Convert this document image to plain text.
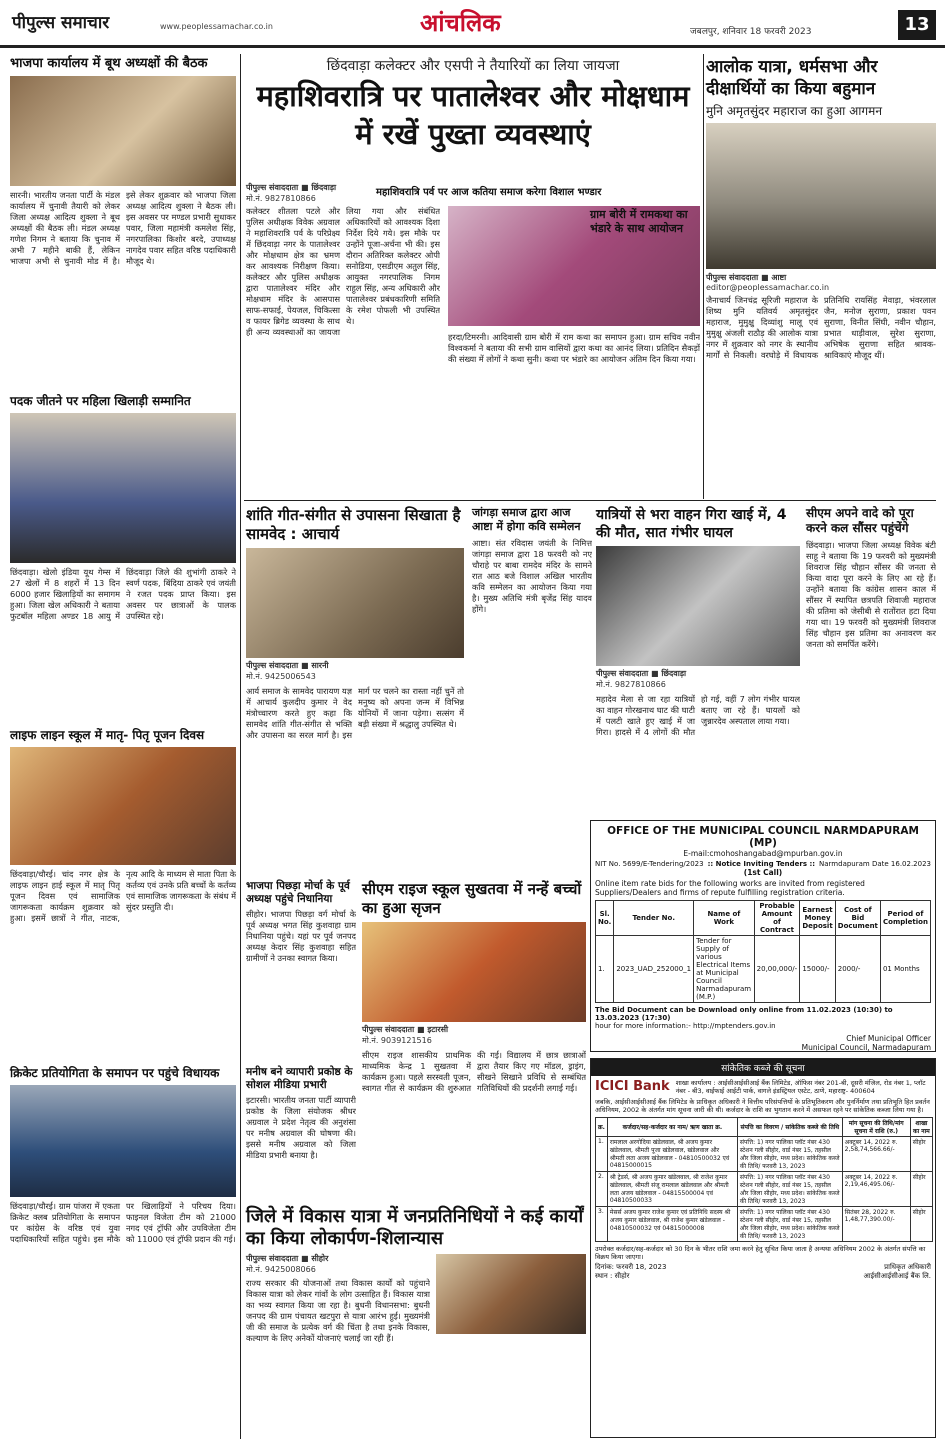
पीपुल्स समाचार	www.peoplessamachar.co.in	आंचलिक	जबलपुर, शनिवार 18 फरवरी 2023	13
भाजपा कार्यालय में बूथ अध्यक्षों की बैठक
सारनी। भारतीय जनता पार्टी के मंडल कार्यालय में चुनावी तैयारी को लेकर जिला अध्यक्ष आदित्य शुक्ला ने बूथ अध्यक्षों की बैठक ली। मंडल अध्यक्ष गणेश निगम ने बताया कि चुनाव में अभी 7 महीने बाकी हैं, लेकिन भाजपा अभी से चुनावी मोड में है। इसे लेकर शुक्रवार को भाजपा जिला अध्यक्ष आदित्य शुक्ला ने बैठक ली। इस अवसर पर मण्डल प्रभारी सुधाकर पवार, जिला महामंत्री कमलेश सिंह, नगरपालिका किशोर बरदे, उपाध्यक्ष नागदेव पवार सहित वरिष्ठ पदाधिकारी मौजूद थे।
पदक जीतने पर महिला खिलाड़ी सम्मानित
छिंदवाड़ा। खेलो इंडिया यूथ गेम्स में 27 खेलों में 8 शहरों में 13 दिन 6000 हजार खिलाड़ियों का समागम हुआ। जिला खेल अधिकारी ने बताया फुटबॉल महिला अण्डर 18 आयु में छिंदवाड़ा जिले की शुभांगी ठाकरे ने स्वर्ण पदक, बिंदिया ठाकरे एवं जयंती ने रजत पदक प्राप्त किया। इस अवसर पर छात्राओं के पालक उपस्थित रहे।
लाइफ लाइन स्कूल में मातृ- पितृ पूजन दिवस
छिंदवाड़ा/चौरई। चांद नगर क्षेत्र के लाइफ लाइन हाई स्कूल में मातृ पितृ पूजन दिवस एवं सामाजिक जागरूकता कार्यक्रम शुक्रवार को हुआ। इसमें छात्रों ने गीत, नाटक, नृत्य आदि के माध्यम से माता पिता के कर्तव्य एवं उनके प्रति बच्चों के कर्तव्य एवं सामाजिक जागरूकता के संबंध में सुंदर प्रस्तुति दी।
क्रिकेट प्रतियोगिता के समापन पर पहुंचे विधायक
छिंदवाड़ा/चौरई। ग्राम पांजरा में एकता क्रिकेट क्लब प्रतियोगिता के समापन पर कांग्रेस के वरिष्ठ एवं युवा पदाधिकारियों सहित पहुंचे। इस मौके पर खिलाड़ियों ने परिचय दिया। फाइनल विजेता टीम को 21000 नगद एवं ट्रॉफी और उपविजेता टीम को 11000 एवं ट्रॉफी प्रदान की गई।
छिंदवाड़ा कलेक्टर और एसपी ने तैयारियों का लिया जायजा
महाशिवरात्रि पर पातालेश्वर और मोक्षधाम में रखें पुख्ता व्यवस्थाएं
पीपुल्स संवाददाता ■ छिंदवाड़ा
मो.नं. 9827810866
महाशिवरात्रि पर्व पर आज कतिया समाज करेगा विशाल भण्डार
कलेक्टर शीतला पटले और पुलिस अधीक्षक विवेक अग्रवाल ने महाशिवरात्रि पर्व के परिप्रेक्ष्य में छिंदवाड़ा नगर के पातालेश्वर और मोक्षधाम क्षेत्र का भ्रमण कर आवश्यक निरीक्षण किया। कलेक्टर और पुलिस अधीक्षक द्वारा पातालेश्वर मंदिर और मोक्षधाम मंदिर के आसपास साफ-सफाई, पेयजल, चिकित्सा व फायर ब्रिगेड व्यवस्था के साथ ही अन्य व्यवस्थाओं का जायजा लिया गया और संबंधित अधिकारियों को आवश्यक दिशा निर्देश दिये गये। इस मौके पर उन्होंने पूजा-अर्चना भी की। इस दौरान अतिरिक्त कलेक्टर ओपी सनोडिया, एसडीएम अतुल सिंह, आयुक्त नगरपालिक निगम राहुल सिंह, अन्य अधिकारी और पातालेश्वर प्रबंधकारिणी समिति के रमेश पोफली भी उपस्थित थे।
हरदा/टिमरनी। आदिवासी ग्राम बोरी में राम कथा का समापन हुआ। ग्राम सचिव नवीन विश्वकर्मा ने बताया की सभी ग्राम वासियों द्वारा कथा का आनंद लिया। प्रतिदिन सैकड़ों की संख्या में लोगों ने कथा सुनी। कथा पर भंडारे का आयोजन अंतिम दिन किया गया।
ग्राम बोरी में रामकथा का भंडारे के साथ आयोजन
आलोक यात्रा, धर्मसभा और दीक्षार्थियों का किया बहुमान
मुनि अमृतसुंदर महाराज का हुआ आगमन
पीपुल्स संवाददाता ■ आष्टा
editor@peoplessamachar.co.in
जैनाचार्य जिनचंद्र सूरिजी महाराज के शिष्य मुनि यतिवर्य अमृतसुंदर महाराज, मुमुक्षु दिव्यांशु मालू एवं मुमुक्षु अंजली राठौड़ की आलोक यात्रा नगर में शुक्रवार को नगर के स्थानीय मार्गों से निकली। वरघोड़े में विधायक प्रतिनिधि रायसिंह मेवाड़ा, भंवरलाल जैन, मनोज सुराणा, प्रकाश पवन सुराणा, विनीत सिंघी, नवीन चौहान, प्रभात धाड़ीवाल, सुरेश सुराणा, अभिषेक सुराणा सहित श्रावक-श्राविकाएं मौजूद थीं।
शांति गीत-संगीत से उपासना सिखाता है सामवेद : आचार्य
पीपुल्स संवाददाता ■ सारनी
मो.नं. 9425006543
आर्य समाज के सामवेद पारायण यज्ञ में आचार्य कुलदीप कुमार ने वेद मंत्रोच्चारण करते हुए कहा कि सामवेद शांति गीत-संगीत से भक्ति और उपासना का सरल मार्ग है। इस मार्ग पर चलने का रास्ता नहीं चुनें तो मनुष्य को अपना जन्म में विभिन्न योनियों में जाना पड़ेगा। सत्संग में बड़ी संख्या में श्रद्धालु उपस्थित थे।
जांगड़ा समाज द्वारा आज आष्टा में होगा कवि सम्मेलन
आष्टा। संत रविदास जयंती के निमित्त जांगड़ा समाज द्वारा 18 फरवरी को नए चौराहे पर बाबा रामदेव मंदिर के सामने रात आठ बजे विशाल अखिल भारतीय कवि सम्मेलन का आयोजन किया गया है। मुख्य अतिथि मंत्री बृजेंद्र सिंह यादव होंगे।
यात्रियों से भरा वाहन गिरा खाई में, 4 की मौत, सात गंभीर घायल
पीपुल्स संवाददाता ■ छिंदवाड़ा
मो.नं. 9827810866
महादेव मेला से जा रहा यात्रियों का वाहन गोरखनाथ घाट की घाटी में पलटी खाते हुए खाई में जा गिरा। हादसे में 4 लोगों की मौत हो गई, वहीं 7 लोग गंभीर घायल बताए जा रहे हैं। घायलों को जुन्नारदेव अस्पताल लाया गया।
सीएम अपने वादे को पूरा करने कल सौंसर पहुंचेंगे
छिंदवाड़ा। भाजपा जिला अध्यक्ष विवेक बंटी साहू ने बताया कि 19 फरवरी को मुख्यमंत्री शिवराज सिंह चौहान सौंसर की जनता से किया वादा पूरा करने के लिए आ रहे हैं। उन्होंने बताया कि कांग्रेस शासन काल में सौंसर में स्थापित छत्रपति शिवाजी महाराज की प्रतिमा को जेसीबी से रातोंरात हटा दिया गया था। 19 फरवरी को मुख्यमंत्री शिवराज सिंह चौहान इस प्रतिमा का अनावरण कर जनता को समर्पित करेंगे।
OFFICE OF THE MUNICIPAL COUNCIL NARMDAPURAM (MP)
E-mail:cmohoshangabad@mpurban.gov.in
NIT No. 5699/E-Tendering/2023 :: Notice Inviting Tenders :: Narmdapuram Date 16.02.2023
(1st Call)
Online item rate bids for the following works are invited from registered Suppliers/Dealers and firms of repute fulfilling registration criteria.
Sl. No.	Tender No.	Name of Work	Probable Amount of Contract	Earnest Money Deposit	Cost of Bid Document	Period of Completion
1.	2023_UAD_252000_1	Tender for Supply of various Electrical Items at Municipal Council Narmadapuram (M.P.)	20,00,000/-	15000/-	2000/-	01 Months
The Bid Document can be Download only online from 11.02.2023 (10:30) to 13.03.2023 (17:30)
hour for more information:- http://mptenders.gov.in
Chief Municipal Officer
Municipal Council, Narmadapuram
भाजपा पिछड़ा मोर्चा के पूर्व अध्यक्ष पहुंचे निधानिया
सीहोर। भाजपा पिछड़ा वर्ग मोर्चा के पूर्व अध्यक्ष भगत सिंह कुशवाहा ग्राम निधानिया पहुंचे। यहां पर पूर्व जनपद अध्यक्ष केदार सिंह कुशवाहा सहित ग्रामीणों ने उनका स्वागत किया।
सीएम राइज स्कूल सुखतवा में नन्हें बच्चों का हुआ सृजन
पीपुल्स संवाददाता ■ इटारसी
मो.नं. 9039121516
सीएम राइज शासकीय प्राथमिक माध्यमिक केन्द्र 1 सुखतवा में कार्यक्रम हुआ। पहले सरस्वती पूजन, स्वागत गीत से कार्यक्रम की शुरुआत की गई। विद्यालय में छात्र छात्राओं द्वारा तैयार किए गए मॉडल, ड्राइंग, सीखने सिखाने प्रविधि से सम्बंधित गतिविधियों की प्रदर्शनी लगाई गई।
मनीष बने व्यापारी प्रकोष्ठ के सोशल मीडिया प्रभारी
इटारसी। भारतीय जनता पार्टी व्यापारी प्रकोष्ठ के जिला संयोजक श्रीधर अग्रवाल ने प्रदेश नेतृत्व की अनुशंसा पर मनीष अग्रवाल की घोषणा की। इससे मनीष अग्रवाल को जिला मीडिया प्रभारी बनाया है।
जिले में विकास यात्रा में जनप्रतिनिधियों ने कई कार्यों का किया लोकार्पण-शिलान्यास
पीपुल्स संवाददाता ■ सीहोर
मो.नं. 9425008066
राज्य सरकार की योजनाओं तथा विकास कार्यों को पहुंचाने विकास यात्रा को लेकर गांवों के लोग उत्साहित हैं। विकास यात्रा का भव्य स्वागत किया जा रहा है। बुधनी विधानसभा: बुधनी जनपद की ग्राम पंचायत खटपुरा से यात्रा आरंभ हुई। मुख्यमंत्री जी की समाज के प्रत्येक वर्ग की चिंता है तथा इनके विकास, कल्याण के लिए अनेकों योजनाएं चलाई जा रही हैं।
सांकेतिक कब्जे की सूचना
ICICI Bank शाखा कार्यालय : आईसीआईसीआई बैंक लिमिटेड, ऑफिस नंबर 201-बी, दूसरी मंजिल, रोड नंबर 1, प्लॉट नंबर - बी3, वाईफाई आईटी पार्क, वागले इंडस्ट्रियल एस्टेट, ठाणे, महाराष्ट्र- 400604
जबकि, आईसीआईसीआई बैंक लिमिटेड के प्राधिकृत अधिकारी ने वित्तीय परिसंपत्तियों के प्रतिभूतिकरण और पुनर्निर्माण तथा प्रतिभूति हित प्रवर्तन अधिनियम, 2002 के अंतर्गत मांग सूचना जारी की थी। कर्जदार के राशि का भुगतान करने में असफल रहने पर सांकेतिक कब्जा लिया गया है।
क्र.	कर्जदार/सह-कर्जदार का नाम/ ऋण खाता क्र.	संपत्ति का विवरण / सांकेतिक कब्जे की तिथि	मांग सूचना की तिथि/मांग सूचना में राशि (रु.)	शाखा का नाम
1.	रामलाल अरगोदिया खंडेलवाल, श्री अजय कुमार खंडेलवाल, श्रीमती पूजा खंडेलवाल, खंडेलवाल और श्रीमती लता अजय खंडेलवाल - 04810500032 एवं 04815000015	संपत्ति: 1) नगर पालिका प्लॉट नंबर 430 स्टेशन गली सीहोर, वार्ड नंबर 15, तहसील और जिला सीहोर, मध्य प्रदेश। सांकेतिक कब्जे की तिथि/ फरवरी 13, 2023	अक्टूबर 14, 2022 रु. 2,58,74,566.66/-	सीहोर
2.	श्री ट्रेडर्स, श्री अजय कुमार खंडेलवाल, श्री राजेश कुमार खंडेलवाल, श्रीमती संजू रामलाल खंडेलवाल और श्रीमती लता अजय खंडेलवाल - 04815500004 एवं 04810500033	संपत्ति: 1) नगर पालिका प्लॉट नंबर 430 स्टेशन गली सीहोर, वार्ड नंबर 15, तहसील और जिला सीहोर, मध्य प्रदेश। सांकेतिक कब्जे की तिथि/ फरवरी 13, 2023	अक्टूबर 14, 2022 रु. 2,19,46,495.06/-	सीहोर
3.	मेसर्स अजय कुमार राजेश कुमार एवं प्रतिनिधि सदस्य श्री अजय कुमार खंडेलवाल, श्री राजेश कुमार खंडेलवाल - 04810500032 एवं 04815000008	संपत्ति: 1) नगर पालिका प्लॉट नंबर 430 स्टेशन गली सीहोर, वार्ड नंबर 15, तहसील और जिला सीहोर, मध्य प्रदेश। सांकेतिक कब्जे की तिथि/ फरवरी 13, 2023	सितंबर 28, 2022 रु. 1,48,77,390.00/-	सीहोर
उपरोक्त कर्जदार/सह-कर्जदार को 30 दिन के भीतर राशि जमा करने हेतु सूचित किया जाता है अन्यथा अधिनियम 2002 के अंतर्गत संपत्ति का विक्रय किया जाएगा।
दिनांक: फरवरी 18, 2023
स्थान : सीहोर
प्राधिकृत अधिकारी
आईसीआईसीआई बैंक लि.
